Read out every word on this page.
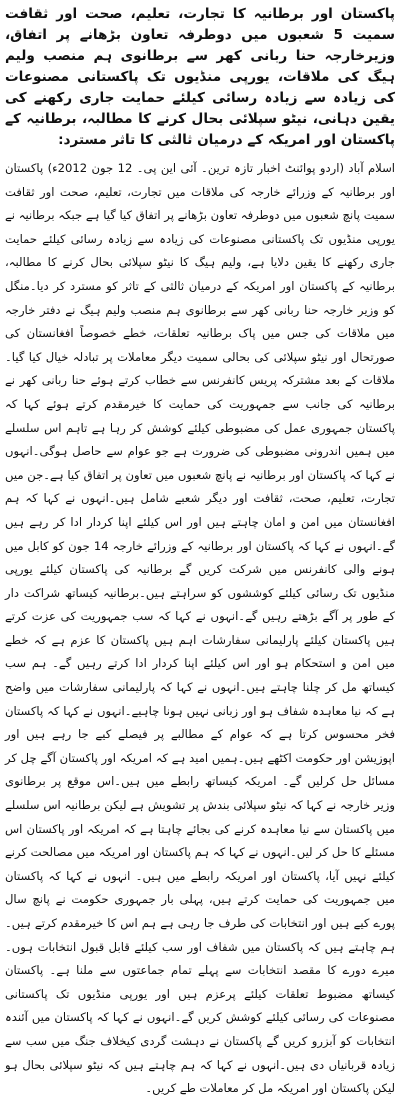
پاکستان اور برطانیہ کا تجارت، تعلیم، صحت اور ثقافت سمیت 5 شعبوں میں دوطرفہ تعاون بڑھانے پر اتفاق، وزیرخارجہ حنا ربانی کھر سے برطانوی ہم منصب ولیم ہیگ کی ملاقات، یورپی منڈیوں تک پاکستانی مصنوعات کی زیادہ سے زیادہ رسائی کیلئے حمایت جاری رکھنے کی یقین دہانی، نیٹو سپلائی بحال کرنے کا مطالبہ، برطانیہ کے پاکستان اور امریکہ کے درمیان ثالثی کا تاثر مسترد:

اسلام آباد (اردو پوائنٹ اخبار تازہ ترین۔ آئی این پی۔ 12 جون 2012ء) پاکستان اور برطانیہ کے وزرائے خارجہ کی ملاقات میں تجارت، تعلیم، صحت اور ثقافت سمیت پانچ شعبوں میں دوطرفہ تعاون بڑھانے پر اتفاق کیا گیا ہے جبکہ برطانیہ نے یورپی منڈیوں تک پاکستانی مصنوعات کی زیادہ سے زیادہ رسائی کیلئے حمایت جاری رکھنے کا یقین دلایا ہے، ولیم ہیگ کا نیٹو سپلائی بحال کرنے کا مطالبہ، برطانیہ کے پاکستان اور امریکہ کے درمیان ثالثی کے تاثر کو مسترد کر دیا۔منگل کو وزیر خارجہ حنا ربانی کھر سے برطانوی ہم منصب ولیم ہیگ نے دفتر خارجہ میں ملاقات کی جس میں پاک برطانیہ تعلقات، خطے خصوصاً افغانستان کی صورتحال اور نیٹو سپلائی کی بحالی سمیت دیگر معاملات پر تبادلہ خیال کیا گیا۔ملاقات کے بعد مشترکہ پریس کانفرنس سے خطاب کرتے ہوئے حنا ربانی کھر نے برطانیہ کی جانب سے جمہوریت کی حمایت کا خیرمقدم کرتے ہوئے کہا کہ پاکستان جمہوری عمل کی مضبوطی کیلئے کوشش کر رہا ہے تاہم اس سلسلے میں ہمیں اندرونی مضبوطی کی ضرورت ہے جو عوام سے حاصل ہوگی۔انہوں نے کہا کہ پاکستان اور برطانیہ نے پانچ شعبوں میں تعاون پر اتفاق کیا ہے۔جن میں تجارت، تعلیم، صحت، ثقافت اور دیگر شعبے شامل ہیں۔انہوں نے کہا کہ ہم افغانستان میں امن و امان چاہتے ہیں اور اس کیلئے اپنا کردار ادا کر رہے ہیں گے۔انہوں نے کہا کہ پاکستان اور برطانیہ کے وزرائے خارجہ 14 جون کو کابل میں ہونے والی کانفرنس میں شرکت کریں گے برطانیہ کی پاکستان کیلئے یورپی منڈیوں تک رسائی کیلئے کوششوں کو سراہتے ہیں۔برطانیہ کیساتھ شراکت دار کے طور پر آگے بڑھتے رہیں گے۔انہوں نے کہا کہ سب جمہوریت کی عزت کرتے ہیں پاکستان کیلئے پارلیمانی سفارشات اہم ہیں پاکستان کا عزم ہے کہ خطے میں امن و استحکام ہو اور اس کیلئے اپنا کردار ادا کرتے رہیں گے۔ ہم سب کیساتھ مل کر چلنا چاہتے ہیں۔انہوں نے کہا کہ پارلیمانی سفارشات میں واضح ہے کہ نیا معاہدہ شفاف ہو اور زبانی نہیں ہونا چاہیے۔انہوں نے کہا کہ پاکستان فخر محسوس کرتا ہے کہ عوام کے مطالبے پر فیصلے کیے جا رہے ہیں اور اپوزیشن اور حکومت اکٹھے ہیں۔ہمیں امید ہے کہ امریکہ اور پاکستان آگے چل کر مسائل حل کرلیں گے۔ امریکہ کیساتھ رابطے میں ہیں۔اس موقع پر برطانوی وزیر خارجہ نے کہا کہ نیٹو سپلائی بندش پر تشویش ہے لیکن برطانیہ اس سلسلے میں پاکستان سے نیا معاہدہ کرنے کی بجائے چاہتا ہے کہ امریکہ اور پاکستان اس مسئلے کا حل کر لیں۔انہوں نے کہا کہ ہم پاکستان اور امریکہ میں مصالحت کرنے کیلئے نہیں آیا، پاکستان اور امریکہ رابطے میں ہیں۔ انہوں نے کہا کہ پاکستان میں جمہوریت کی حمایت کرتے ہیں، پہلی بار جمہوری حکومت نے پانچ سال پورے کیے ہیں اور انتخابات کی طرف جا رہی ہے ہم اس کا خیرمقدم کرتے ہیں۔ہم چاہتے ہیں کہ پاکستان میں شفاف اور سب کیلئے قابل قبول انتخابات ہوں۔ میرے دورے کا مقصد انتخابات سے پہلے تمام جماعتوں سے ملنا ہے۔ پاکستان کیساتھ مضبوط تعلقات کیلئے پرعزم ہیں اور یورپی منڈیوں تک پاکستانی مصنوعات کی رسائی کیلئے کوشش کریں گے۔انہوں نے کہا کہ پاکستان میں آئندہ انتخابات کو آبزرو کریں گے پاکستان نے دہشت گردی کیخلاف جنگ میں سب سے زیادہ قربانیاں دی ہیں۔انہوں نے کہا کہ ہم چاہتے ہیں کہ نیٹو سپلائی بحال ہو لیکن پاکستان اور امریکہ مل کر معاملات طے کریں۔
